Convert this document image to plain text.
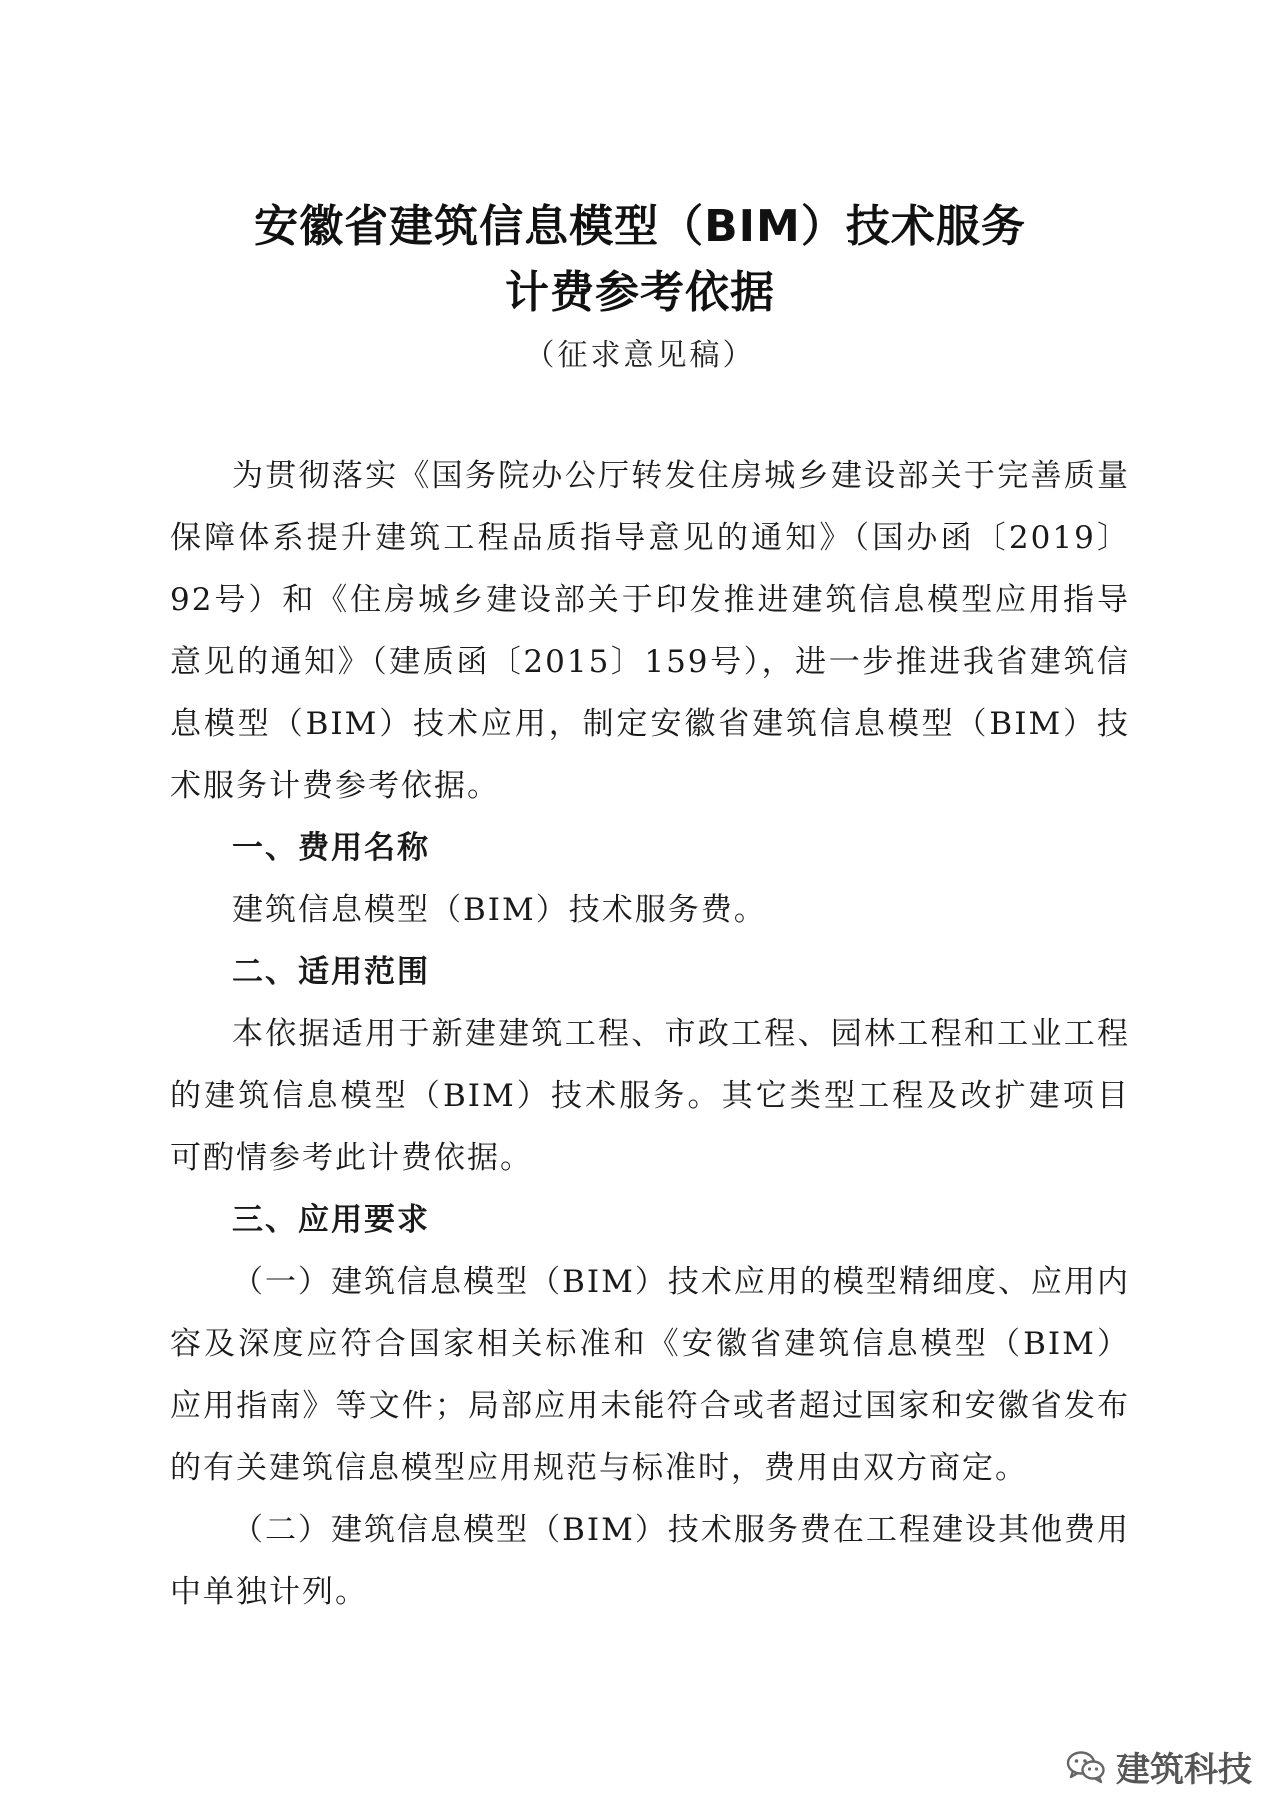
安徽省建筑信息模型（BIM）技术服务
计费参考依据
（征求意见稿）

为贯彻落实《国务院办公厅转发住房城乡建设部关于完善质量保障体系提升建筑工程品质指导意见的通知》（国办函〔2019〕92号）和《住房城乡建设部关于印发推进建筑信息模型应用指导意见的通知》（建质函〔2015〕159号），进一步推进我省建筑信息模型（BIM）技术应用，制定安徽省建筑信息模型（BIM）技术服务计费参考依据。

一、费用名称

建筑信息模型（BIM）技术服务费。

二、适用范围

本依据适用于新建建筑工程、市政工程、园林工程和工业工程的建筑信息模型（BIM）技术服务。其它类型工程及改扩建项目可酌情参考此计费依据。

三、应用要求

（一）建筑信息模型（BIM）技术应用的模型精细度、应用内容及深度应符合国家相关标准和《安徽省建筑信息模型（BIM）应用指南》等文件；局部应用未能符合或者超过国家和安徽省发布的有关建筑信息模型应用规范与标准时，费用由双方商定。

（二）建筑信息模型（BIM）技术服务费在工程建设其他费用中单独计列。

建筑科技
